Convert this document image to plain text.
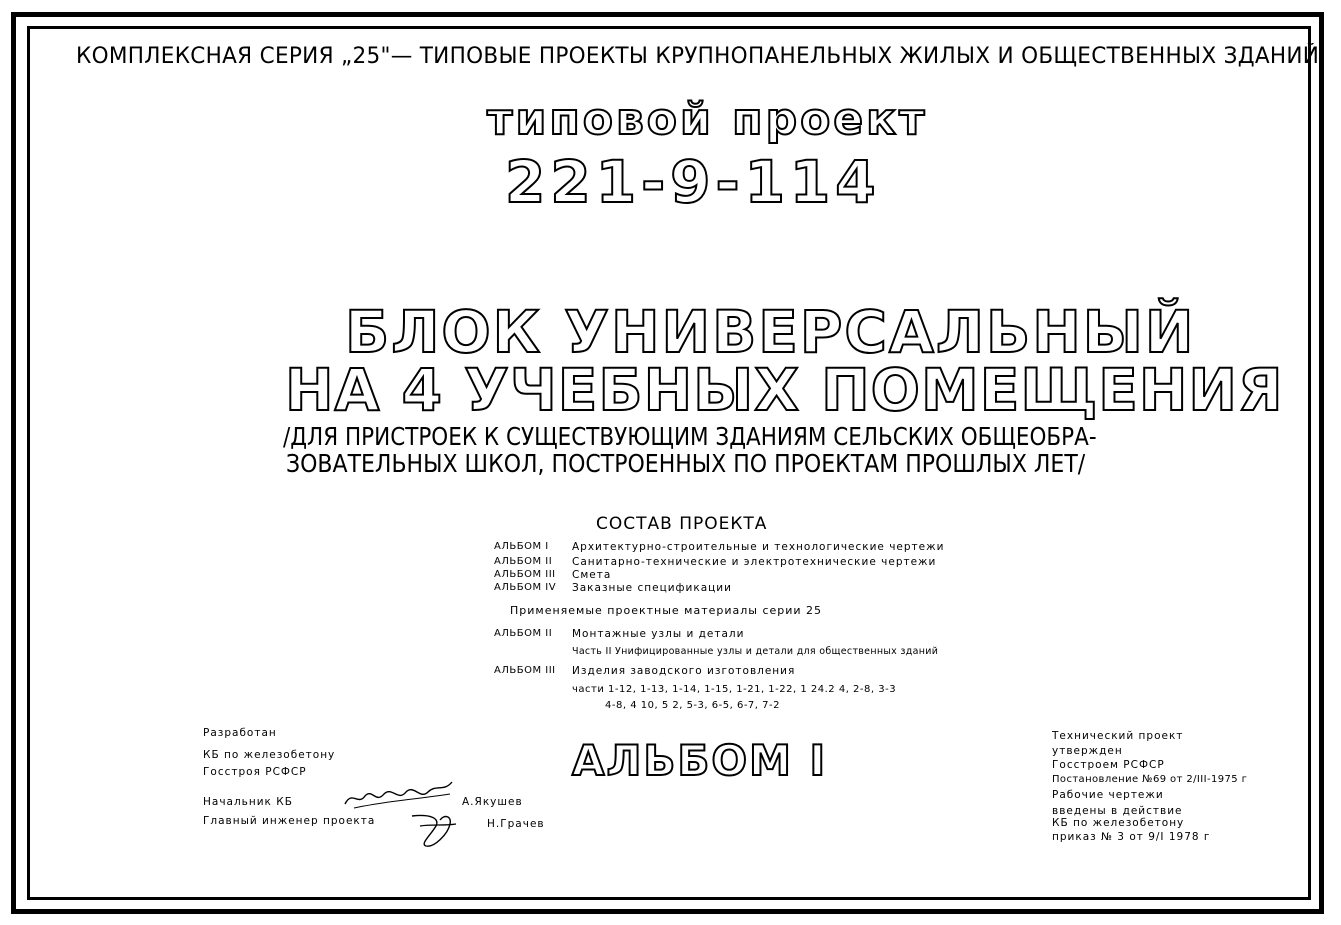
КОМПЛЕКСНАЯ СЕРИЯ „25"— ТИПОВЫЕ ПРОЕКТЫ КРУПНОПАНЕЛЬНЫХ ЖИЛЫХ И ОБЩЕСТВЕННЫХ ЗДАНИЙ
типовой проект
221-9-114
БЛОК УНИВЕРСАЛЬНЫЙ
НА 4 УЧЕБНЫХ ПОМЕЩЕНИЯ
/ДЛЯ ПРИСТРОЕК К СУЩЕСТВУЮЩИМ ЗДАНИЯМ СЕЛЬСКИХ ОБЩЕОБРА-
ЗОВАТЕЛЬНЫХ ШКОЛ, ПОСТРОЕННЫХ ПО ПРОЕКТАМ ПРОШЛЫХ ЛЕТ/
СОСТАВ ПРОЕКТА
АЛЬБОМ I Архитектурно-строительные и технологические чертежи
АЛЬБОМ II Санитарно-технические и электротехнические чертежи
АЛЬБОМ III Смета
АЛЬБОМ IV Заказные спецификации
Применяемые проектные материалы серии 25
АЛЬБОМ II Монтажные узлы и детали
Часть II Унифицированные узлы и детали для общественных зданий
АЛЬБОМ III Изделия заводского изготовления
части 1-12, 1-13, 1-14, 1-15, 1-21, 1-22, 1 24.2 4, 2-8, 3-3
4-8, 4 10, 5 2, 5-3, 6-5, 6-7, 7-2
Разработан
КБ по железобетону
Госстроя РСФСР
Начальник КБ	А.Якушев
Главный инженер проекта	Н.Грачев
АЛЬБОМ I	Технический проект
утвержден
Госстроем РСФСР
Постановление №69 от 2/III-1975 г
Рабочие чертежи
введены в действие
КБ по железобетону
приказ № 3 от 9/I 1978 г
